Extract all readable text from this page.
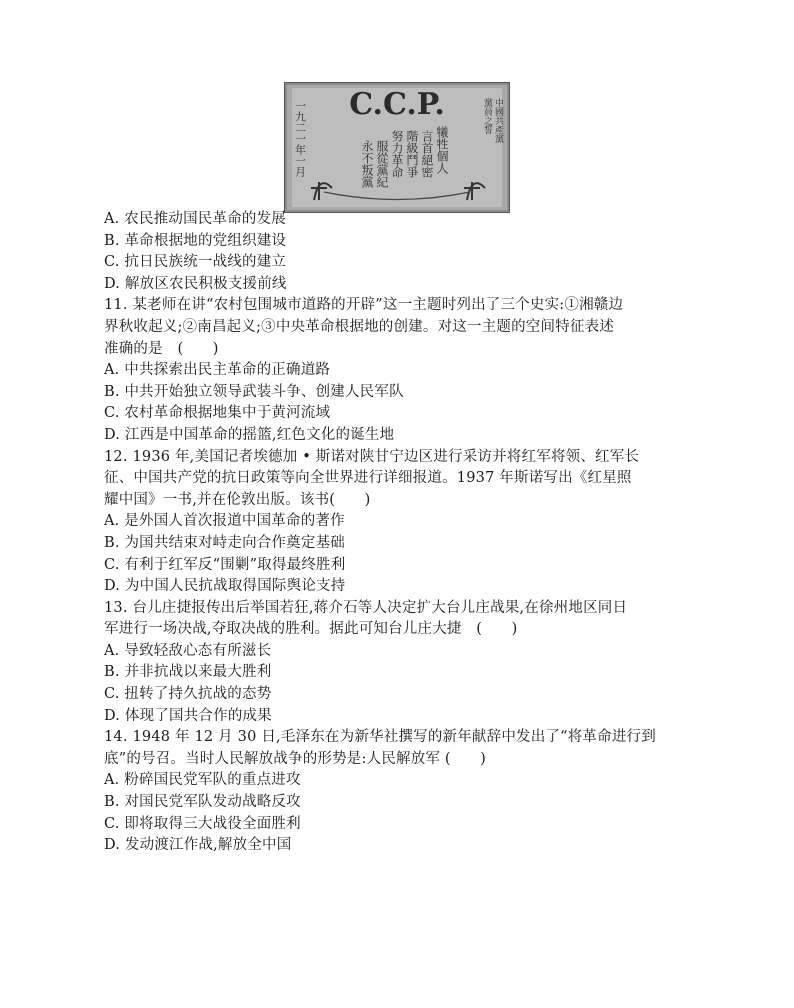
C.C.P.
一九二一年一月	犧牲個人
言首絕密
階級鬥爭
努力革命
服從黨紀
永不叛黨
中國共產黨
黨員之誓
A. 农民推动国民革命的发展
B. 革命根据地的党组织建设
C. 抗日民族统一战线的建立
D. 解放区农民积极支援前线
11. 某老师在讲“农村包围城市道路的开辟”这一主题时列出了三个史实:①湘赣边
界秋收起义;②南昌起义;③中央革命根据地的创建。对这一主题的空间特征表述
准确的是　(　　)
A. 中共探索出民主革命的正确道路
B. 中共开始独立领导武装斗争、创建人民军队
C. 农村革命根据地集中于黄河流域
D. 江西是中国革命的摇篮,红色文化的诞生地
12. 1936 年,美国记者埃德加 • 斯诺对陕甘宁边区进行采访并将红军将领、红军长
征、中国共产党的抗日政策等向全世界进行详细报道。1937 年斯诺写出《红星照
耀中国》一书,并在伦敦出版。该书(　　)
A. 是外国人首次报道中国革命的著作
B. 为国共结束对峙走向合作奠定基础
C. 有利于红军反“围剿”取得最终胜利
D. 为中国人民抗战取得国际舆论支持
13. 台儿庄捷报传出后举国若狂,蒋介石等人决定扩大台儿庄战果,在徐州地区同日
军进行一场决战,夺取决战的胜利。据此可知台儿庄大捷　(　　)
A. 导致轻敌心态有所滋长
B. 并非抗战以来最大胜利
C. 扭转了持久抗战的态势
D. 体现了国共合作的成果
14. 1948 年 12 月 30 日,毛泽东在为新华社撰写的新年献辞中发出了“将革命进行到
底”的号召。当时人民解放战争的形势是:人民解放军 (　　)
A. 粉碎国民党军队的重点进攻
B. 对国民党军队发动战略反攻
C. 即将取得三大战役全面胜利
D. 发动渡江作战,解放全中国
